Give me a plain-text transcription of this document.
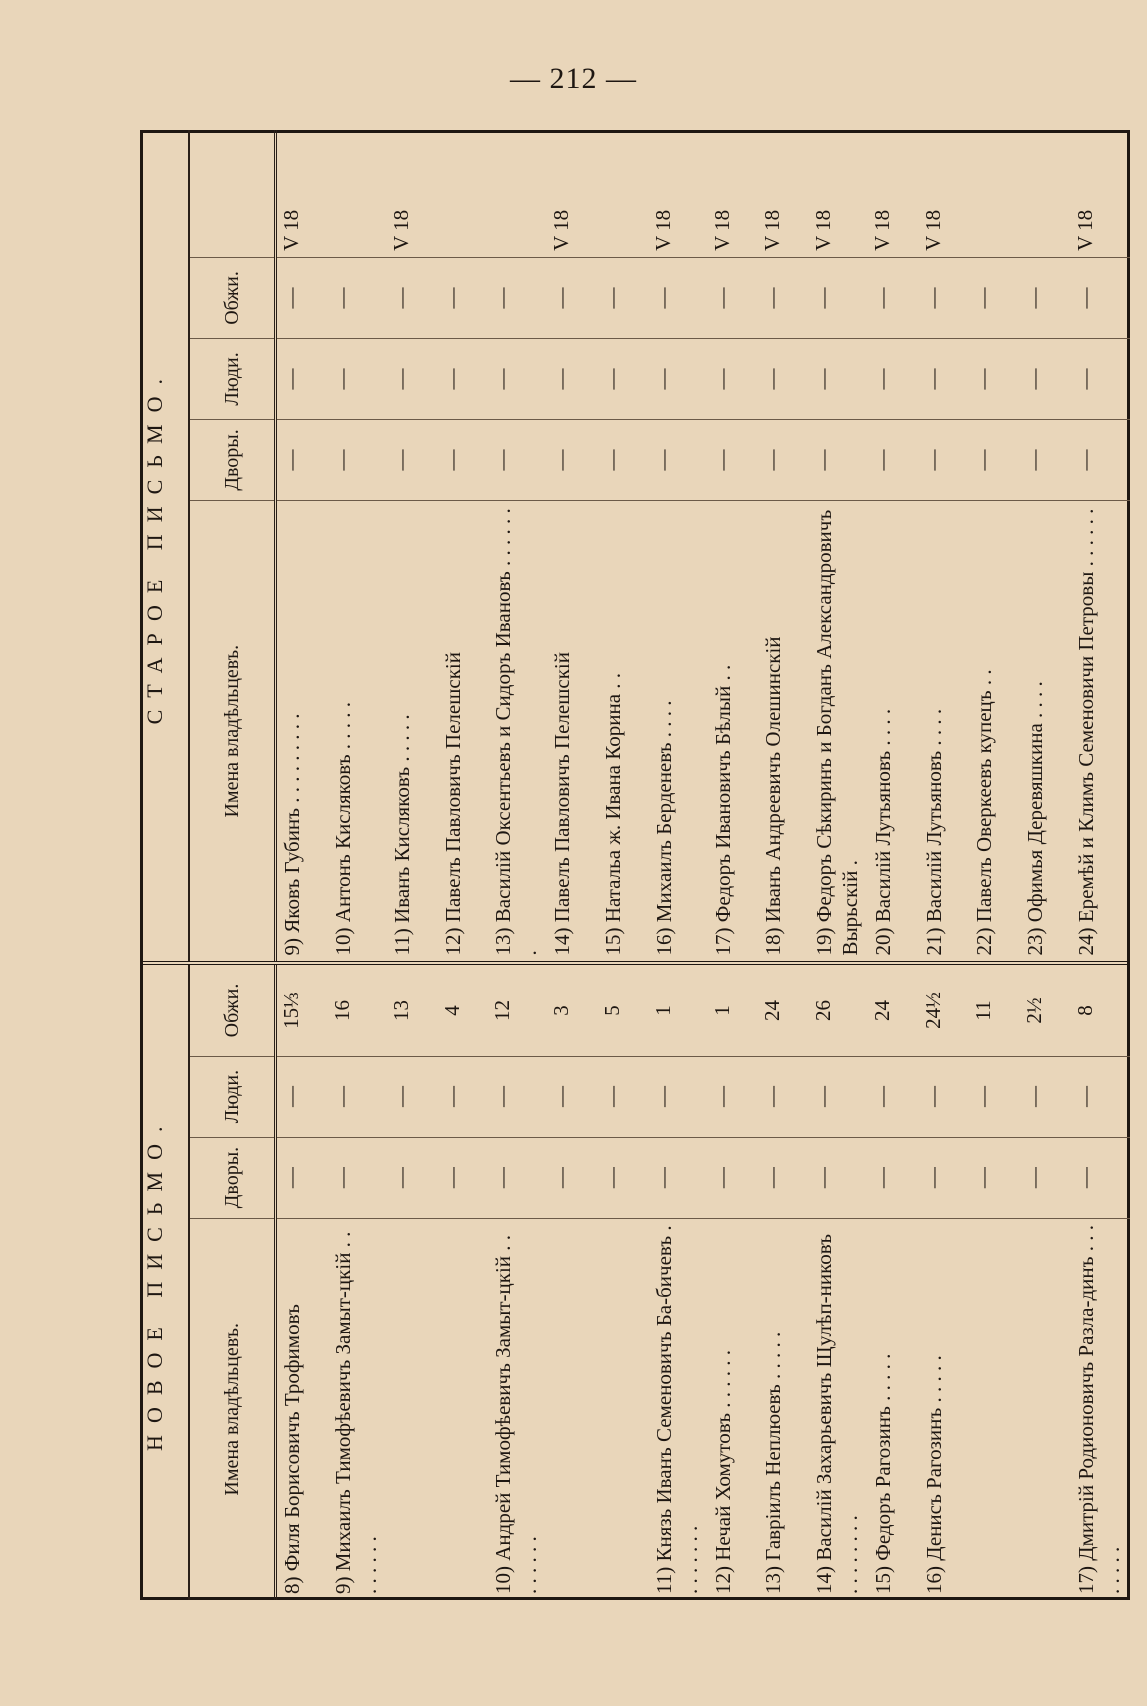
— 212 —
НОВОЕ ПИСЬМО.				СТАРОЕ ПИСЬМО.				
Имена владѣльцевъ.	Дворы.	Люди.	Обжи.	Имена владѣльцевъ.	Дворы.	Люди.	Обжи.	
8) Филя Борисовичъ Трофимовъ	—	—	15⅓	9) Яковъ Губинъ . . . . . . . . .	—	—	—	V 18
9) Михаилъ Тимофѣевичъ Замыт-цкій . . . . . . . .	—	—	16	10) Антонъ Кисляковъ . . . . .	—	—	—	
	—	—	13	11) Иванъ Кисляковъ . . . . .	—	—	—	V 18
	—	—	4	12) Павелъ Павловичъ Пелешскій	—	—	—	
10) Андрей Тимофѣевичъ Замыт-цкій . . . . . . . .	—	—	12	13) Василій Оксентьевъ и Сидоръ Ивановъ . . . . . . .	—	—	—	
	—	—	3	14) Павелъ Павловичъ Пелешскій	—	—	—	V 18
	—	—	5	15) Натальа ж. Ивана Корина . .	—	—	—	
11) Князь Иванъ Семеновичъ Ба-бичевъ . . . . . . . .	—	—	1	16) Михаилъ Берденевъ . . . .	—	—	—	V 18
12) Нечай Хомутовъ . . . . . .	—	—	1	17) Федоръ Ивановичъ Бѣлый . .	—	—	—	V 18
13) Гаврiилъ Неплюевъ . . . . .	—	—	24	18) Иванъ Андреевичъ Олешинскій	—	—	—	V 18
14) Василій Захарьевичъ Щулѣп-никовъ . . . . . . . .	—	—	26	19) Федоръ Сѣкиринъ и Богданъ Александровичъ Вырьскій .	—	—	—	V 18
15) Федоръ Рагозинъ . . . . .	—	—	24	20) Василій Лутьяновъ . . . .	—	—	—	V 18
16) Денисъ Рагозинъ . . . . .	—	—	24½	21) Василій Лутьяновъ . . . .	—	—	—	V 18
	—	—	11	22) Павелъ Оверкеевъ купецъ . .	—	—	—	
	—	—	2½	23) Офимья Деревяшкина . . . .	—	—	—	
17) Дмитрій Родионовичъ Разла-динъ . . . . . . . .	—	—	8	24) Еремѣй и Климъ Семеновичи Петровы . . . . . .	—	—	—	V 18
